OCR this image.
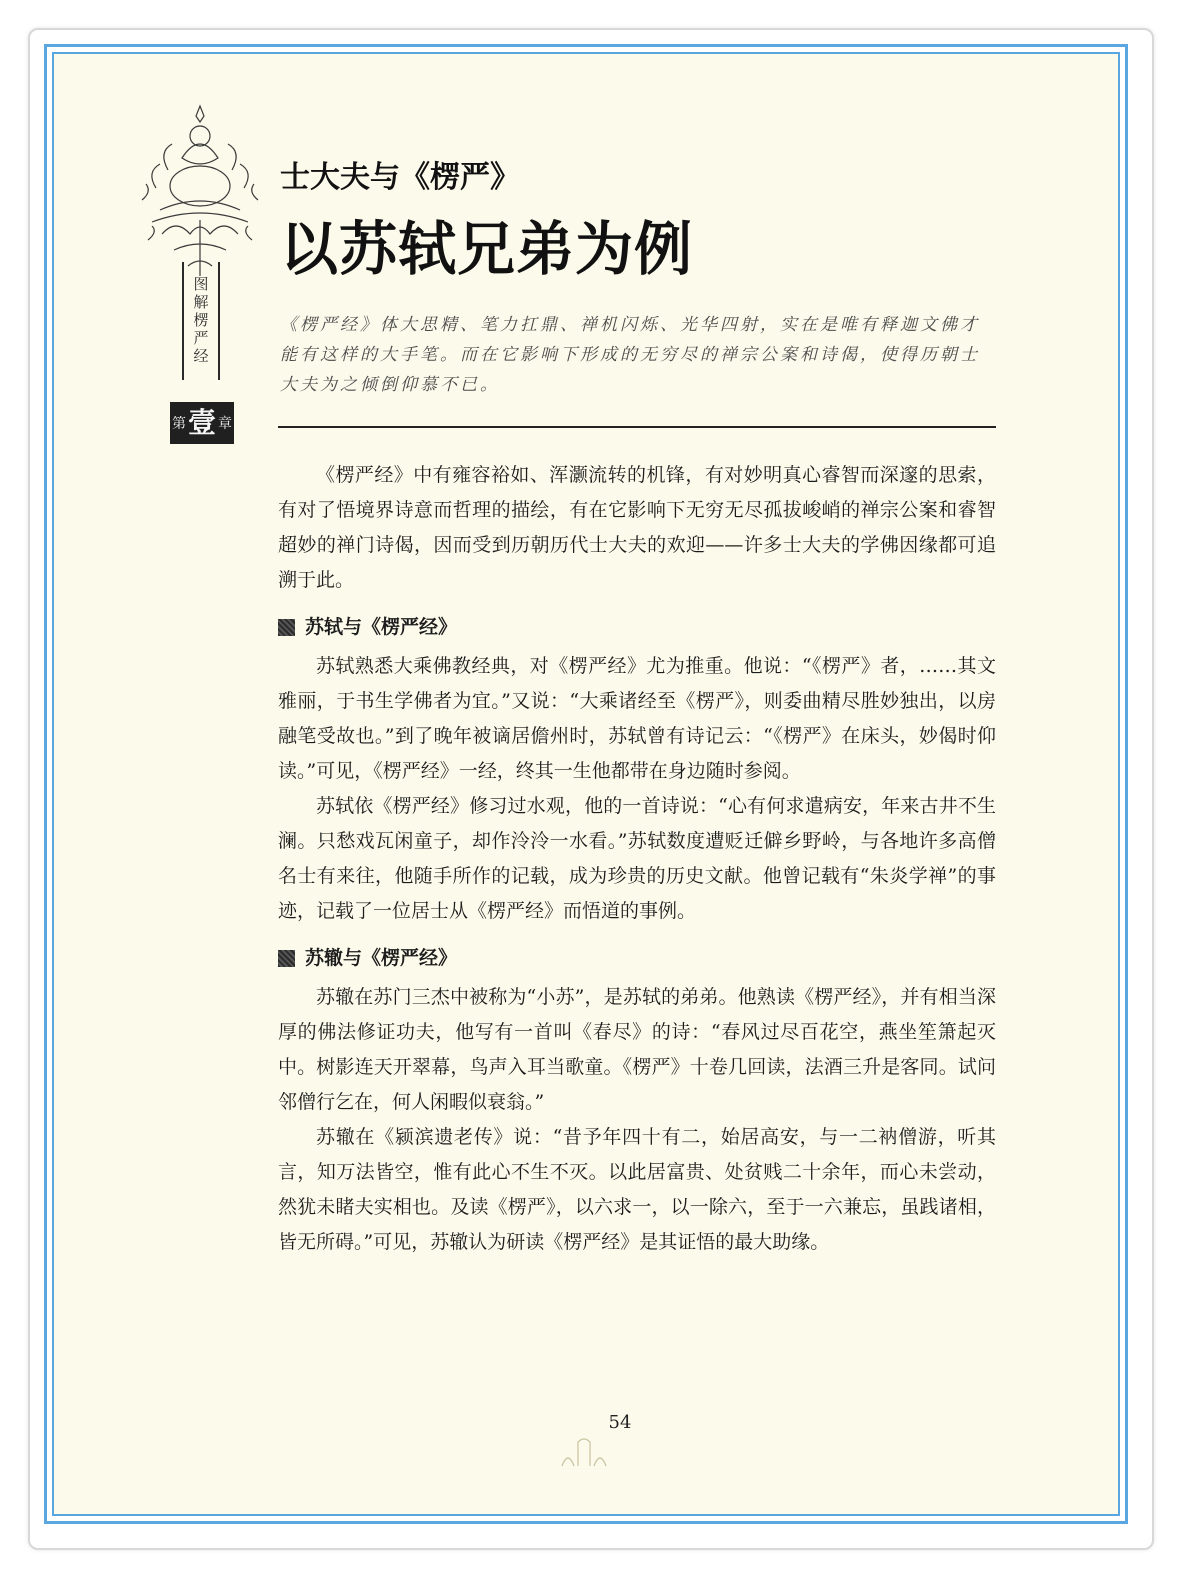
图解楞严经
第 壹 章
士大夫与《楞严》
以苏轼兄弟为例
《楞严经》体大思精、笔力扛鼎、禅机闪烁、光华四射，实在是唯有释迦文佛才能有这样的大手笔。而在它影响下形成的无穷尽的禅宗公案和诗偈，使得历朝士大夫为之倾倒仰慕不已。

《楞严经》中有雍容裕如、浑灏流转的机锋，有对妙明真心睿智而深邃的思索，有对了悟境界诗意而哲理的描绘，有在它影响下无穷无尽孤拔峻峭的禅宗公案和睿智超妙的禅门诗偈，因而受到历朝历代士大夫的欢迎——许多士大夫的学佛因缘都可追溯于此。

苏轼与《楞严经》

苏轼熟悉大乘佛教经典，对《楞严经》尤为推重。他说：“《楞严》者，……其文雅丽，于书生学佛者为宜。”又说：“大乘诸经至《楞严》，则委曲精尽胜妙独出，以房融笔受故也。”到了晚年被谪居儋州时，苏轼曾有诗记云：“《楞严》在床头，妙偈时仰读。”可见，《楞严经》一经，终其一生他都带在身边随时参阅。

苏轼依《楞严经》修习过水观，他的一首诗说：“心有何求遣病安，年来古井不生澜。只愁戏瓦闲童子，却作泠泠一水看。”苏轼数度遭贬迁僻乡野岭，与各地许多高僧名士有来往，他随手所作的记载，成为珍贵的历史文献。他曾记载有“朱炎学禅”的事迹，记载了一位居士从《楞严经》而悟道的事例。

苏辙与《楞严经》

苏辙在苏门三杰中被称为“小苏”，是苏轼的弟弟。他熟读《楞严经》，并有相当深厚的佛法修证功夫，他写有一首叫《春尽》的诗：“春风过尽百花空，燕坐笙箫起灭中。树影连天开翠幕，鸟声入耳当歌童。《楞严》十卷几回读，法酒三升是客同。试问邻僧行乞在，何人闲暇似衰翁。”

苏辙在《颍滨遗老传》说：“昔予年四十有二，始居高安，与一二衲僧游，听其言，知万法皆空，惟有此心不生不灭。以此居富贵、处贫贱二十余年，而心未尝动，然犹未睹夫实相也。及读《楞严》，以六求一，以一除六，至于一六兼忘，虽践诸相，皆无所碍。”可见，苏辙认为研读《楞严经》是其证悟的最大助缘。

54
